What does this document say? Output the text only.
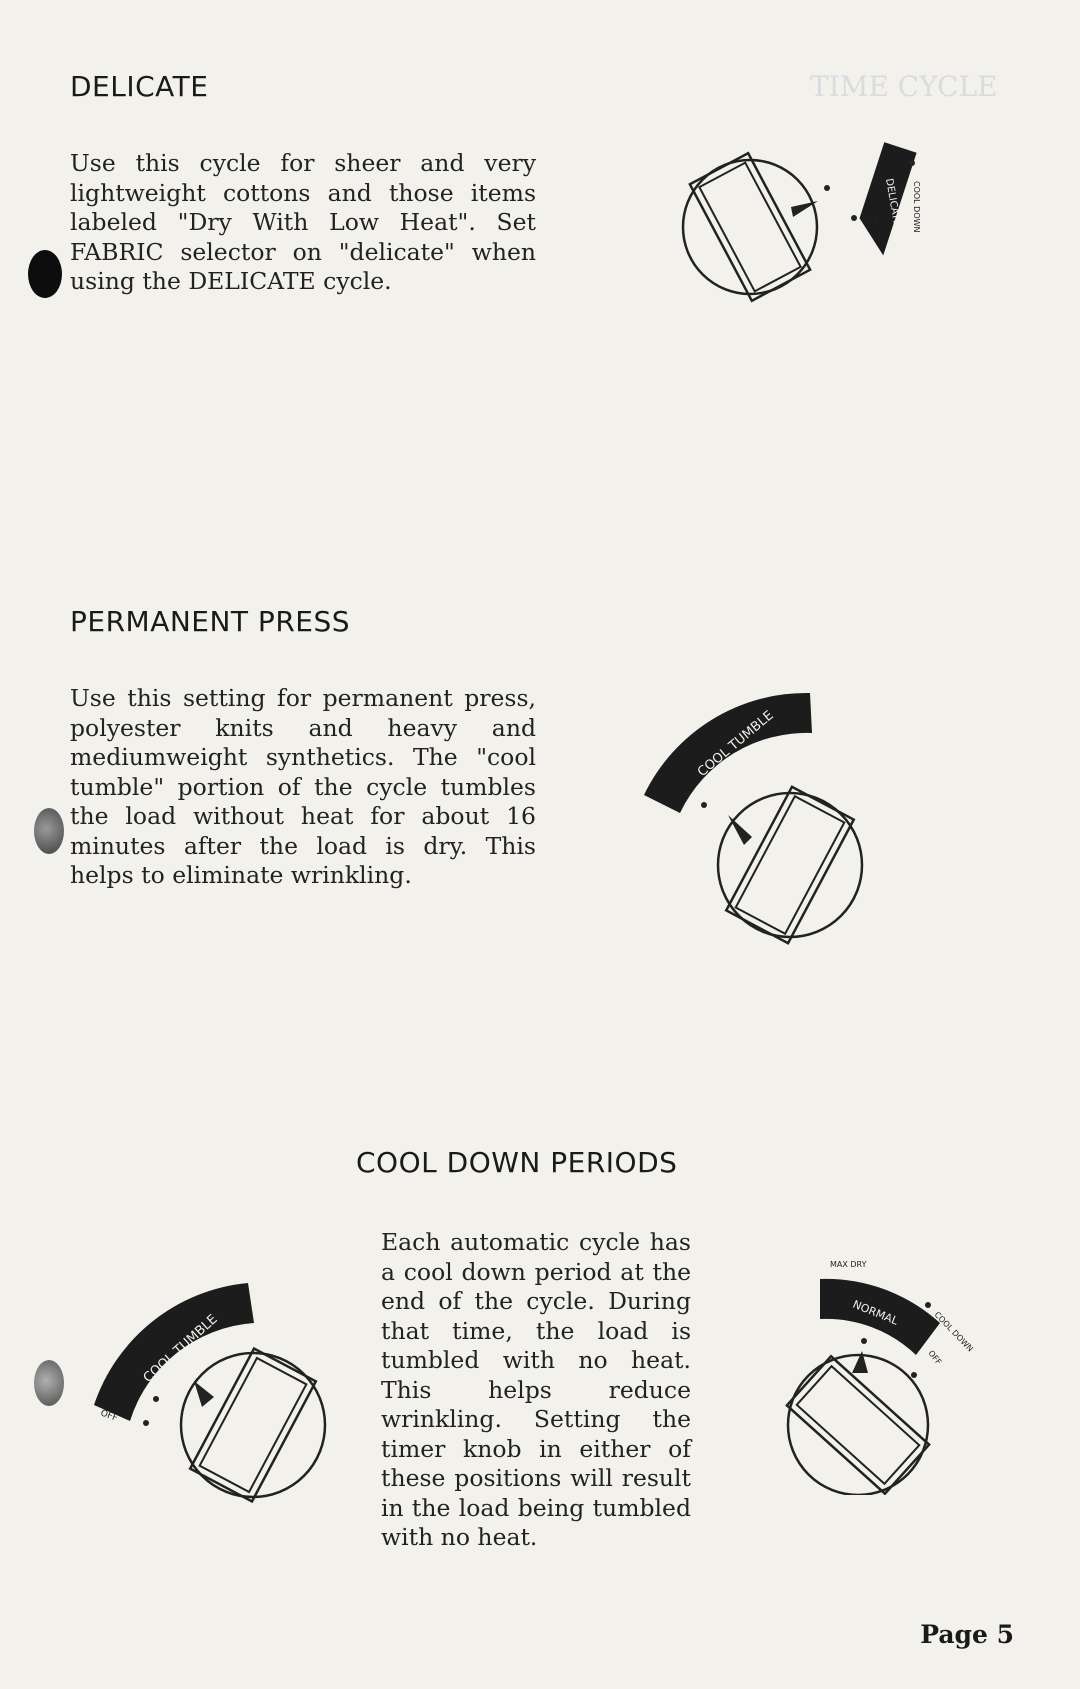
TIME CYCLE
DELICATE

Use this cycle for sheer and very lightweight cottons and those items labeled "Dry With Low Heat". Set FABRIC selector on "delicate" when using the DELICATE cycle.

DELICATE
OFF	COOL DOWN
PERMANENT PRESS

Use this setting for permanent press, polyester knits and heavy and mediumweight synthetics. The "cool tumble" portion of the cycle tumbles the load without heat for about 16 minutes after the load is dry. This helps to eliminate wrinkling.

COOL TUMBLE
COOL DOWN PERIODS

Each automatic cycle has a cool down period at the end of the cycle. During that time, the load is tumbled with no heat. This helps reduce wrinkling. Setting the timer knob in either of these positions will result in the load being tumbled with no heat.

COOL TUMBLE
OFF
MAX DRY
NORMAL	COOL DOWN
OFF
Page 5
